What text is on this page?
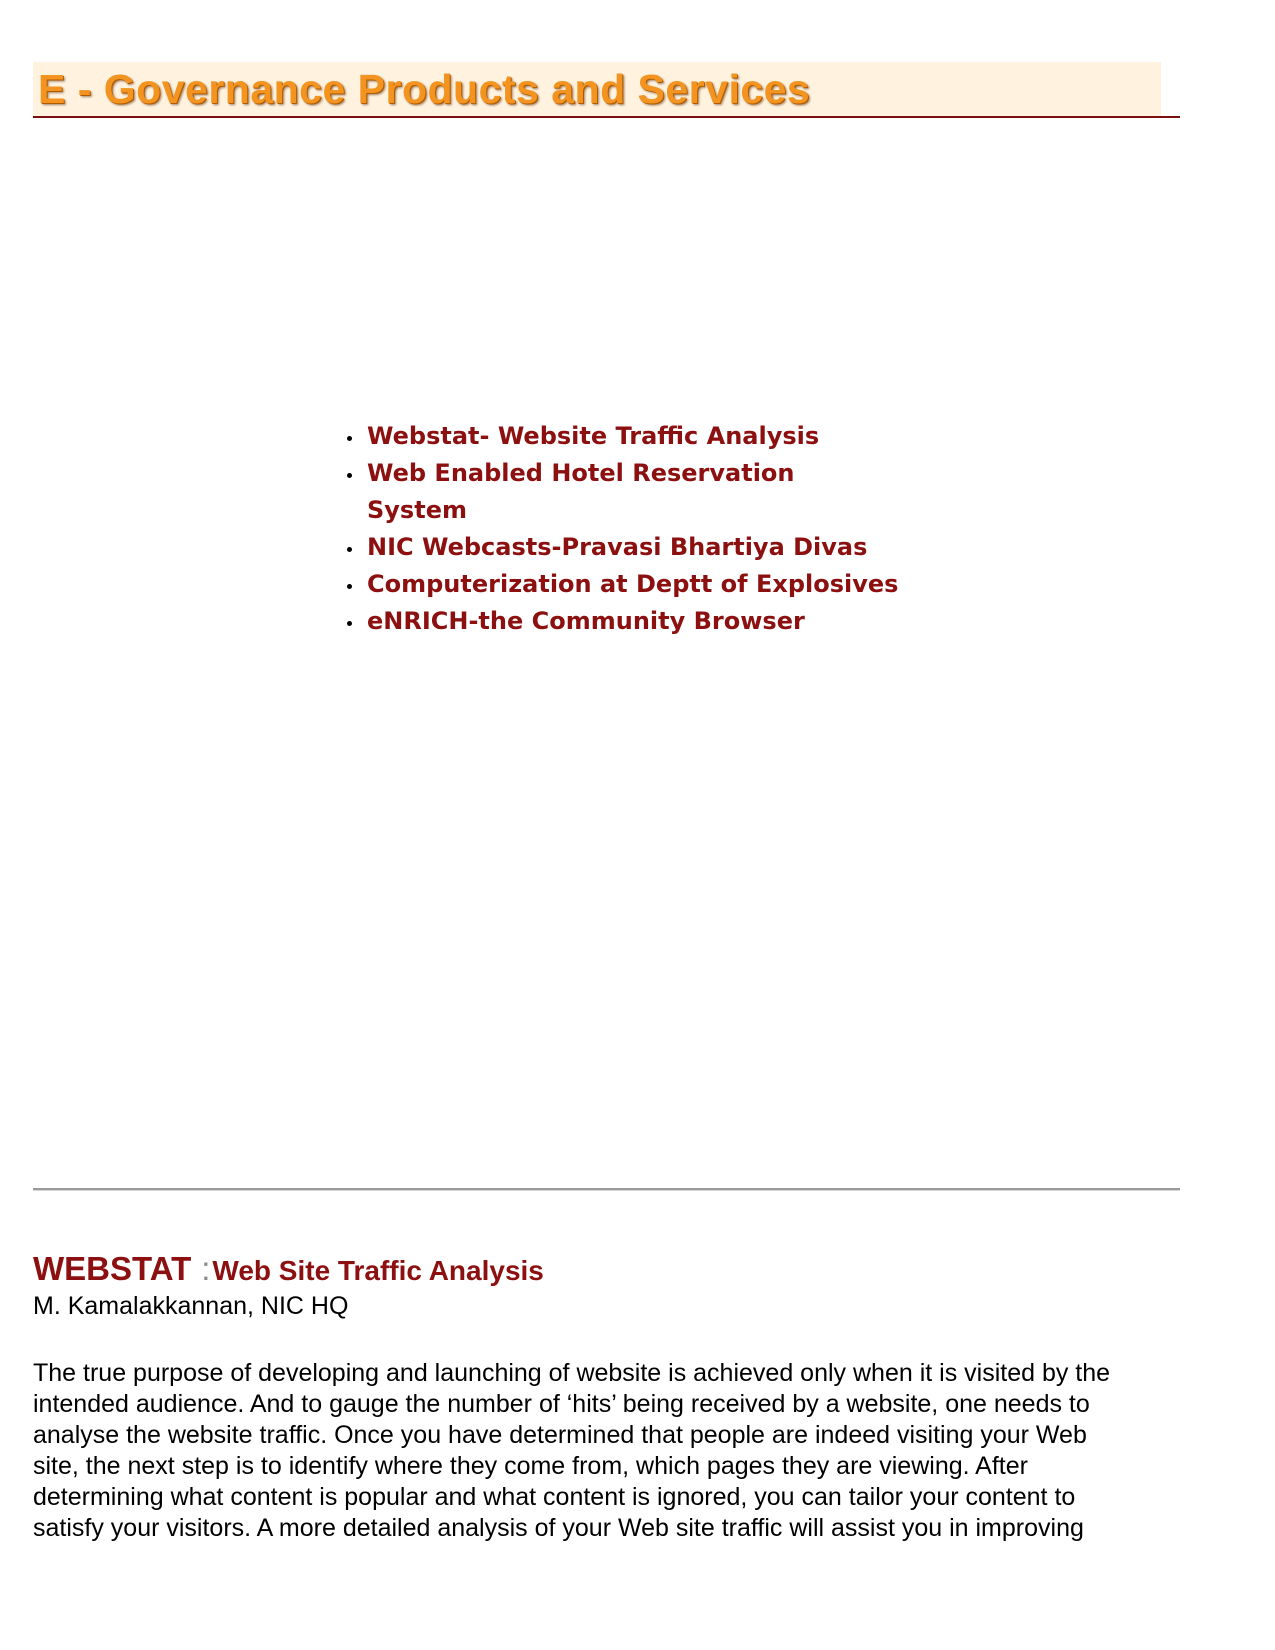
E - Governance Products and Services
• Webstat- Website Traffic Analysis
• Web Enabled Hotel Reservation System
• NIC Webcasts-Pravasi Bhartiya Divas
• Computerization at Deptt of Explosives
• eNRICH-the Community Browser
WEBSTAT :Web Site Traffic Analysis
M. Kamalakkannan, NIC HQ

The true purpose of developing and launching of website is achieved only when it is visited by the
intended audience. And to gauge the number of ‘hits’ being received by a website, one needs to
analyse the website traffic. Once you have determined that people are indeed visiting your Web
site, the next step is to identify where they come from, which pages they are viewing. After
determining what content is popular and what content is ignored, you can tailor your content to
satisfy your visitors. A more detailed analysis of your Web site traffic will assist you in improving
